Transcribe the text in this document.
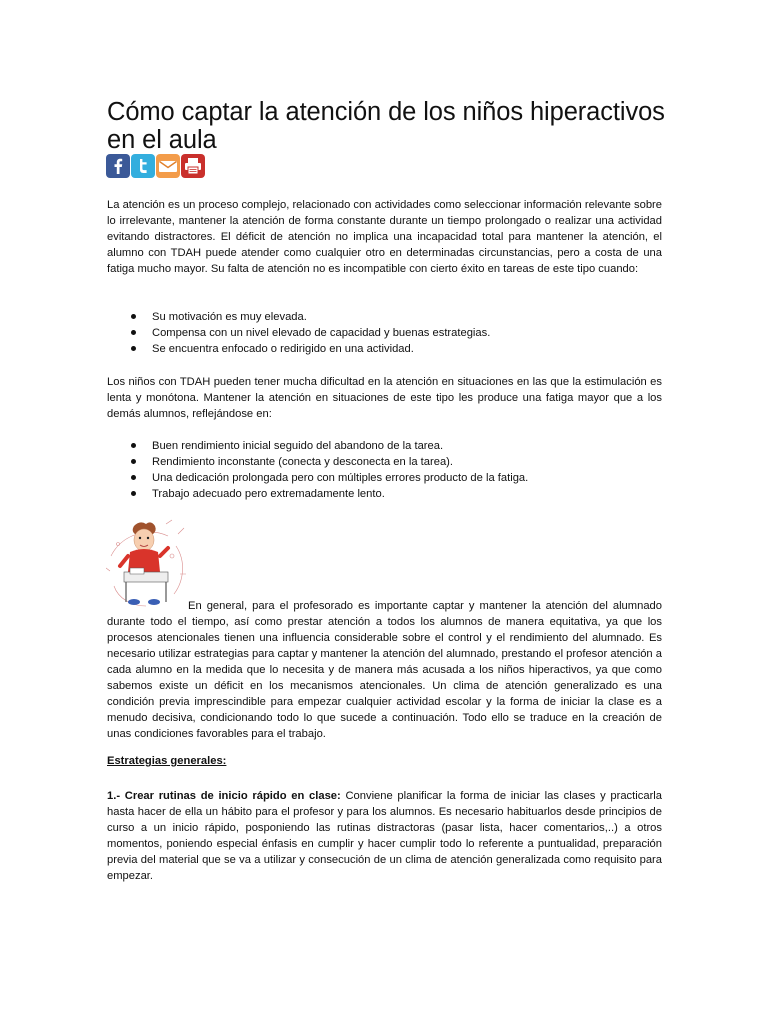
Cómo captar la atención de los niños hiperactivos en el aula

La atención es un proceso complejo, relacionado con actividades como seleccionar información relevante sobre lo irrelevante, mantener la atención de forma constante durante un tiempo prolongado o realizar una actividad evitando distractores. El déficit de atención no implica una incapacidad total para mantener la atención, el alumno con TDAH puede atender como cualquier otro en determinadas circunstancias, pero a costa de una fatiga mucho mayor. Su falta de atención no es incompatible con cierto éxito en tareas de este tipo cuando:

Su motivación es muy elevada.
Compensa con un nivel elevado de capacidad y buenas estrategias.
Se encuentra enfocado o redirigido en una actividad.

Los niños con TDAH pueden tener mucha dificultad en la atención en situaciones en las que la estimulación es lenta y monótona. Mantener la atención en situaciones de este tipo les produce una fatiga mayor que a los demás alumnos, reflejándose en:

Buen rendimiento inicial seguido del abandono de la tarea.
Rendimiento inconstante (conecta y desconecta en la tarea).
Una dedicación prolongada pero con múltiples errores producto de la fatiga.
Trabajo adecuado pero extremadamente lento.

En general, para el profesorado es importante captar y mantener la atención del alumnado durante todo el tiempo, así como prestar atención a todos los alumnos de manera equitativa, ya que los procesos atencionales tienen una influencia considerable sobre el control y el rendimiento del alumnado. Es necesario utilizar estrategias para captar y mantener la atención del alumnado, prestando el profesor atención a cada alumno en la medida que lo necesita y de manera más acusada a los niños hiperactivos, ya que como sabemos existe un déficit en los mecanismos atencionales. Un clima de atención generalizado es una condición previa imprescindible para empezar cualquier actividad escolar y la forma de iniciar la clase es a menudo decisiva, condicionando todo lo que sucede a continuación. Todo ello se traduce en la creación de unas condiciones favorables para el trabajo.

Estrategias generales:

1.- Crear rutinas de inicio rápido en clase: Conviene planificar la forma de iniciar las clases y practicarla hasta hacer de ella un hábito para el profesor y para los alumnos. Es necesario habituarlos desde principios de curso a un inicio rápido, posponiendo las rutinas distractoras (pasar lista, hacer comentarios,..) a otros momentos, poniendo especial énfasis en cumplir y hacer cumplir todo lo referente a puntualidad, preparación previa del material que se va a utilizar y consecución de un clima de atención generalizada como requisito para empezar.
